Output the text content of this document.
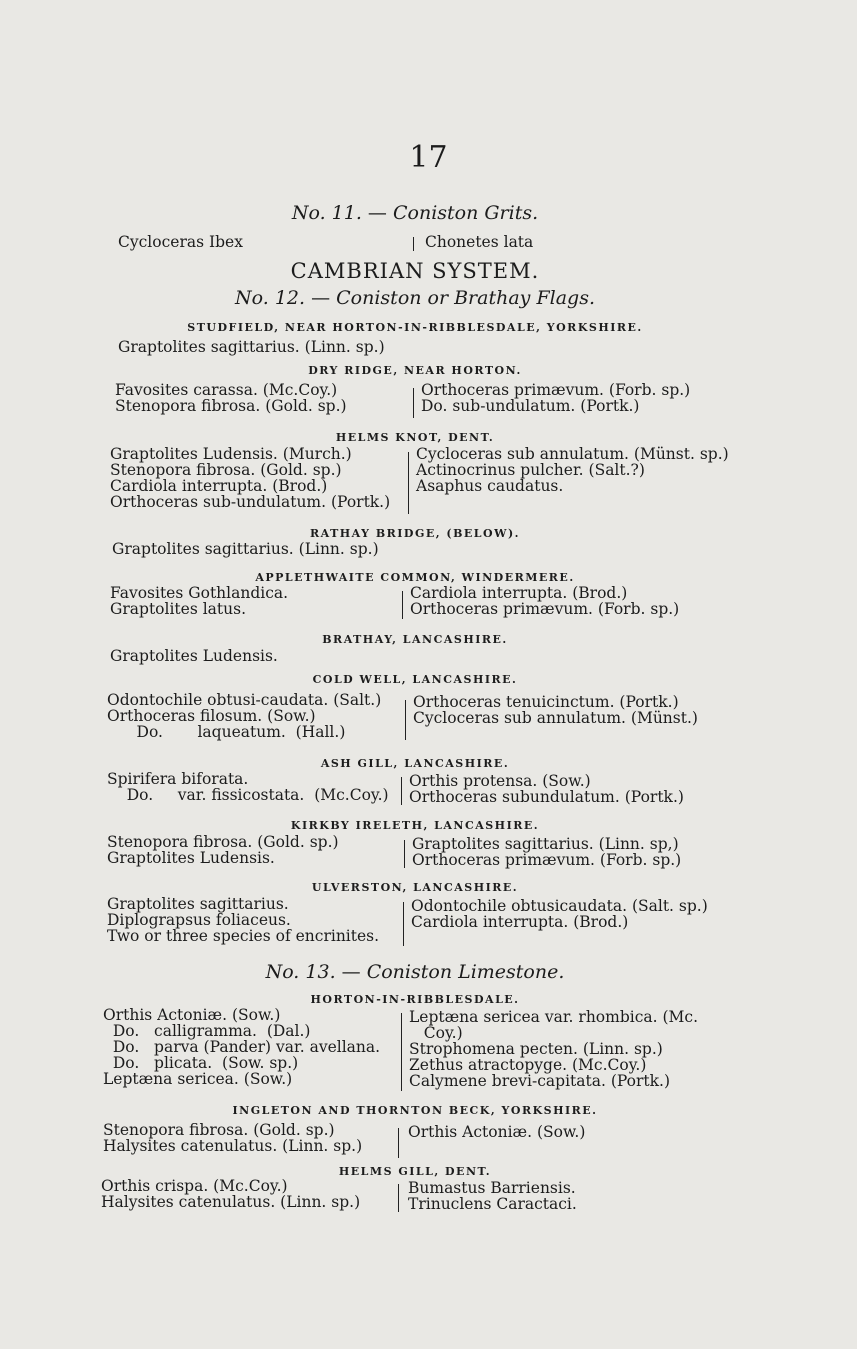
17
No. 11. — Coniston Grits.
Cycloceras Ibex	Chonetes lata
CAMBRIAN SYSTEM.
No. 12. — Coniston or Brathay Flags.
STUDFIELD, NEAR HORTON-IN-RIBBLESDALE, YORKSHIRE.
Graptolites sagittarius. (Linn. sp.)
DRY RIDGE, NEAR HORTON.
Favosites carassa. (Mc.Coy.)
Stenopora fibrosa. (Gold. sp.)
Orthoceras primævum. (Forb. sp.)
Do. sub-undulatum. (Portk.)
HELMS KNOT, DENT.
Graptolites Ludensis. (Murch.)
Stenopora fibrosa. (Gold. sp.)
Cardiola interrupta. (Brod.)
Orthoceras sub-undulatum. (Portk.)
Cycloceras sub annulatum. (Münst. sp.)
Actinocrinus pulcher. (Salt.?)
Asaphus caudatus.
RATHAY BRIDGE, (BELOW).
Graptolites sagittarius. (Linn. sp.)
APPLETHWAITE COMMON, WINDERMERE.
Favosites Gothlandica.
Graptolites latus.
Cardiola interrupta. (Brod.)
Orthoceras primævum. (Forb. sp.)
BRATHAY, LANCASHIRE.
Graptolites Ludensis.
COLD WELL, LANCASHIRE.
Odontochile obtusi-caudata. (Salt.)
Orthoceras filosum. (Sow.)
Do.       laqueatum.  (Hall.)
Orthoceras tenuicinctum. (Portk.)
Cycloceras sub annulatum. (Münst.)
ASH GILL, LANCASHIRE.
Spirifera biforata.
Do.     var. fissicostata.  (Mc.Coy.)
Orthis protensa. (Sow.)
Orthoceras subundulatum. (Portk.)
KIRKBY IRELETH, LANCASHIRE.
Stenopora fibrosa. (Gold. sp.)
Graptolites Ludensis.
Graptolites sagittarius. (Linn. sp,)
Orthoceras primævum. (Forb. sp.)
ULVERSTON, LANCASHIRE.
Graptolites sagittarius.
Diplograpsus foliaceus.
Two or three species of encrinites.
Odontochile obtusicaudata. (Salt. sp.)
Cardiola interrupta. (Brod.)
No. 13. — Coniston Limestone.
HORTON-IN-RIBBLESDALE.
Orthis Actoniæ. (Sow.)
Do.   calligramma.  (Dal.)
Do.   parva (Pander) var. avellana.
Do.   plicata.  (Sow. sp.)
Leptæna sericea. (Sow.)
Leptæna sericea var. rhombica. (Mc.
Coy.)
Strophomena pecten. (Linn. sp.)
Zethus atractopyge. (Mc.Coy.)
Calymene brevi-capitata. (Portk.)
INGLETON AND THORNTON BECK, YORKSHIRE.
Stenopora fibrosa. (Gold. sp.)
Halysites catenulatus. (Linn. sp.)
Orthis Actoniæ. (Sow.)
HELMS GILL, DENT.
Orthis crispa. (Mc.Coy.)
Halysites catenulatus. (Linn. sp.)
Bumastus Barriensis.
Trinuclens Caractaci.
